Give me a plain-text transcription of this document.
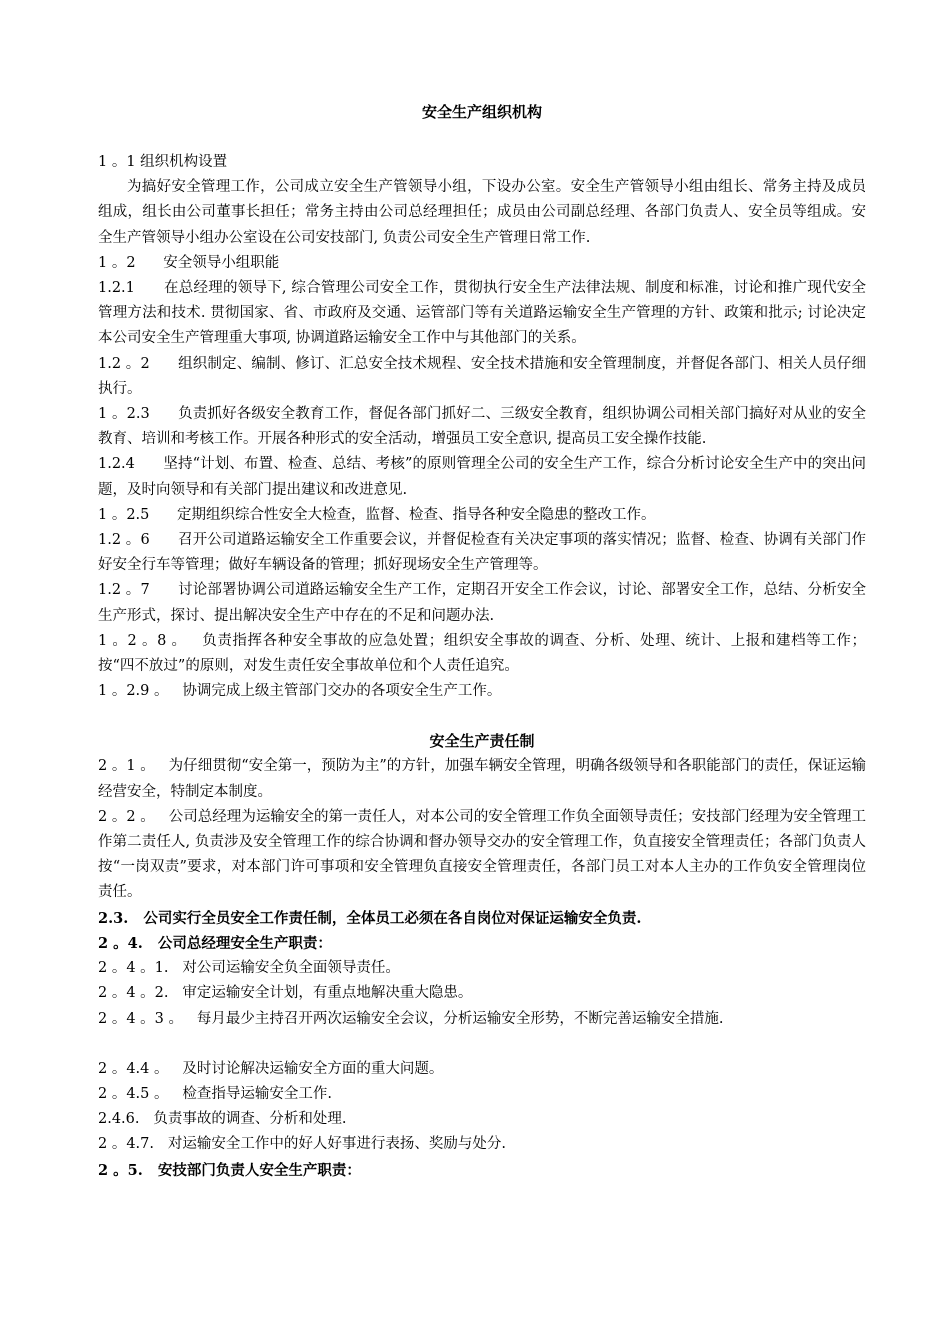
安全生产组织机构

1 。1 组织机构设置

为搞好安全管理工作，公司成立安全生产管领导小组，下设办公室。安全生产管领导小组由组长、常务主持及成员组成，组长由公司董事长担任；常务主持由公司总经理担任；成员由公司副总经理、各部门负责人、安全员等组成。安全生产管领导小组办公室设在公司安技部门, 负责公司安全生产管理日常工作.

1 。2      安全领导小组职能

1.2.1      在总经理的领导下, 综合管理公司安全工作，贯彻执行安全生产法律法规、制度和标准，讨论和推广现代安全管理方法和技术. 贯彻国家、省、市政府及交通、运管部门等有关道路运输安全生产管理的方针、政策和批示; 讨论决定本公司安全生产管理重大事项, 协调道路运输安全工作中与其他部门的关系。

1.2 。2      组织制定、编制、修订、汇总安全技术规程、安全技术措施和安全管理制度，并督促各部门、相关人员仔细执行。

1 。2.3      负责抓好各级安全教育工作，督促各部门抓好二、三级安全教育，组织协调公司相关部门搞好对从业的安全教育、培训和考核工作。开展各种形式的安全活动，增强员工安全意识, 提高员工安全操作技能.

1.2.4      坚持“计划、布置、检查、总结、考核”的原则管理全公司的安全生产工作，综合分析讨论安全生产中的突出问题，及时向领导和有关部门提出建议和改进意见.

1 。2.5      定期组织综合性安全大检查，监督、检查、指导各种安全隐患的整改工作。

1.2 。6      召开公司道路运输安全工作重要会议，并督促检查有关决定事项的落实情况；监督、检查、协调有关部门作好安全行车等管理；做好车辆设备的管理；抓好现场安全生产管理等。

1.2 。7      讨论部署协调公司道路运输安全生产工作，定期召开安全工作会议，讨论、部署安全工作，总结、分析安全生产形式，探讨、提出解决安全生产中存在的不足和问题办法.

1 。2 。8 。   负责指挥各种安全事故的应急处置；组织安全事故的调查、分析、处理、统计、上报和建档等工作；按“四不放过”的原则，对发生责任安全事故单位和个人责任追究。

1 。2.9 。   协调完成上级主管部门交办的各项安全生产工作。

安全生产责任制

2 。1 。   为仔细贯彻“安全第一，预防为主”的方针，加强车辆安全管理，明确各级领导和各职能部门的责任，保证运输经营安全，特制定本制度。

2 。2 。   公司总经理为运输安全的第一责任人，对本公司的安全管理工作负全面领导责任；安技部门经理为安全管理工作第二责任人, 负责涉及安全管理工作的综合协调和督办领导交办的安全管理工作，负直接安全管理责任；各部门负责人按“一岗双责”要求，对本部门许可事项和安全管理负直接安全管理责任，各部门员工对本人主办的工作负安全管理岗位责任。

2.3.   公司实行全员安全工作责任制，全体员工必须在各自岗位对保证运输安全负责.

2 。4.   公司总经理安全生产职责：

2 。4 。1.   对公司运输安全负全面领导责任。

2 。4 。2.   审定运输安全计划，有重点地解决重大隐患。

2 。4 。3 。   每月最少主持召开两次运输安全会议，分析运输安全形势，不断完善运输安全措施.

2 。4.4 。   及时讨论解决运输安全方面的重大问题。

2 。4.5 。   检查指导运输安全工作.

2.4.6.   负责事故的调查、分析和处理.

2 。4.7.   对运输安全工作中的好人好事进行表扬、奖励与处分.

2 。5.   安技部门负责人安全生产职责：
